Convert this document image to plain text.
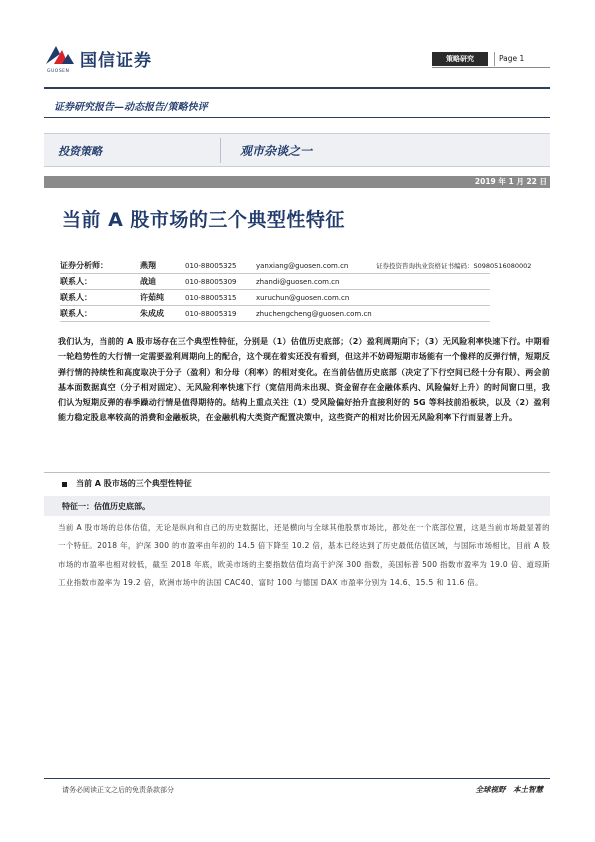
国信证券
GUOSEN
策略研究	Page 1
证券研究报告—动态报告/策略快评
投资策略	观市杂谈之一
2019 年 1 月 22 日
当前 A 股市场的三个典型性特征
证券分析师：	燕翔	010-88005325	yanxiang@guosen.com.cn	证券投资咨询执业资格证书编码：S0980516080002
联系人：	战迪	010-88005309	zhandi@guosen.com.cn
联系人：	许茹纯	010-88005315	xuruchun@guosen.com.cn
联系人：	朱成成	010-88005319	zhuchengcheng@guosen.com.cn
我们认为，当前的 A 股市场存在三个典型性特征，分别是（1）估值历史底部；（2）盈利周期向下；（3）无风险利率快速下行。中期看一轮趋势性的大行情一定需要盈利周期向上的配合，这个现在着实还没有看到，但这并不妨碍短期市场能有一个像样的反弹行情，短期反弹行情的持续性和高度取决于分子（盈利）和分母（利率）的相对变化。在当前估值历史底部（决定了下行空间已经十分有限）、两会前基本面数据真空（分子相对固定）、无风险利率快速下行（宽信用尚未出现、资金留存在金融体系内、风险偏好上升）的时间窗口里，我们认为短期反弹的春季躁动行情是值得期待的。结构上重点关注（1）受风险偏好抬升直接利好的 5G 等科技前沿板块，以及（2）盈利能力稳定股息率较高的消费和金融板块，在金融机构大类资产配置决策中，这些资产的相对比价因无风险利率下行而显著上升。
当前 A 股市场的三个典型性特征
特征一：估值历史底部。
当前 A 股市场的总体估值，无论是纵向和自己的历史数据比，还是横向与全球其他股票市场比，都处在一个底部位置，这是当前市场最显著的一个特征。2018 年，沪深 300 的市盈率由年初的 14.5 倍下降至 10.2 倍，基本已经达到了历史最低估值区域，与国际市场相比，目前 A 股市场的市盈率也相对较低，截至 2018 年底，欧美市场的主要指数估值均高于沪深 300 指数，美国标普 500 指数市盈率为 19.0 倍、道琼斯工业指数市盈率为 19.2 倍，欧洲市场中的法国 CAC40、富时 100 与德国 DAX 市盈率分别为 14.6、15.5 和 11.6 倍。
请务必阅读正文之后的免责条款部分	全球视野　本土智慧
